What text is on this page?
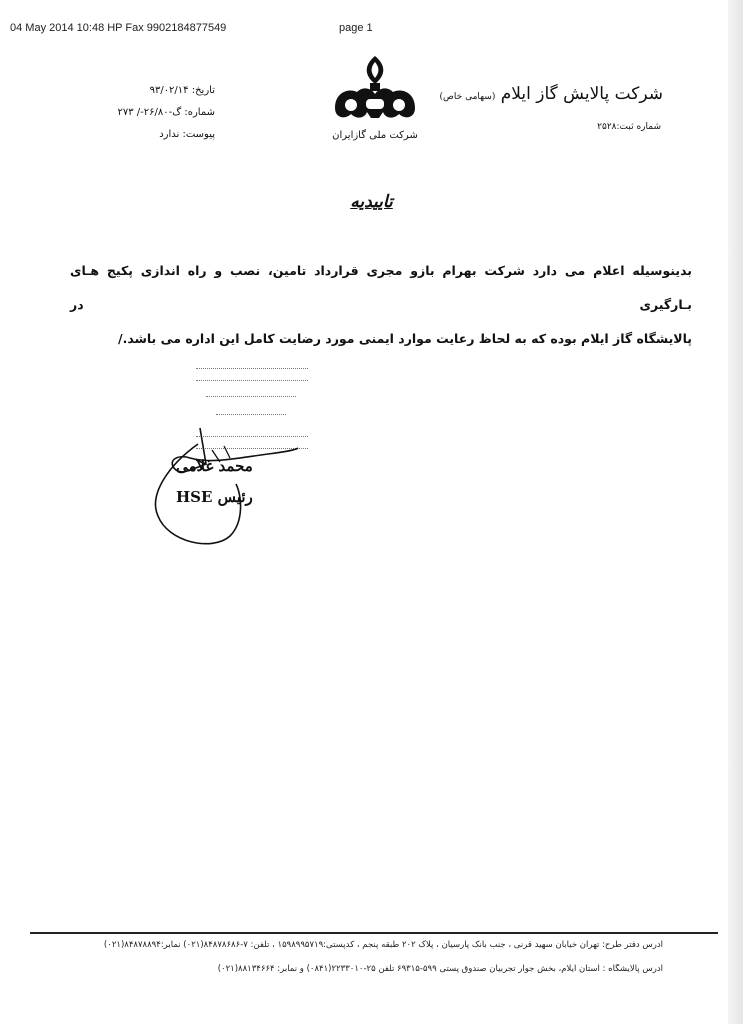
04 May 2014 10:48 HP Fax 9902184877549	page 1
شرکت پالایش گاز ایلام (سهامی خاص)
شماره ثبت:۲۵۲۸
شرکت ملی گازایران
تاریخ: ۹۳/۰۲/۱۴
شماره: گ-۲۶/۸۰-/ ۲۷۳
پیوست: ندارد
تاییدیه

بدینوسیله اعلام می دارد شرکت بهرام بازو مجری قرارداد تامین، نصب و راه اندازی پکیج هـای بـارگیری در

پالایشگاه گاز ایلام بوده که به لحاظ رعایت موارد ایمنی مورد رضایت کامل این اداره می باشد./

محمد غلامی
رئیس HSE
آدرس دفتر طرح: تهران خیابان سهید قرنی ، جنب بانک پارسیان ، پلاک ۲۰۲ طبقه پنجم ، کدپستی:۱۵۹۸۹۹۵۷۱۹ ، تلفن: ۷-۸۴۸۷۸۶۸۶(۰۲۱) نمابر:۸۴۸۷۸۸۹۴(۰۲۱)
آدرس پالایشگاه : استان ایلام، بخش جوار تجربیان صندوق پستی ۵۹۹-۶۹۳۱۵ تلفن ۲۵-۲۲۳۳۰۱۰(۰۸۴۱) و نمابر: ۸۸۱۳۴۶۶۴(۰۲۱)
